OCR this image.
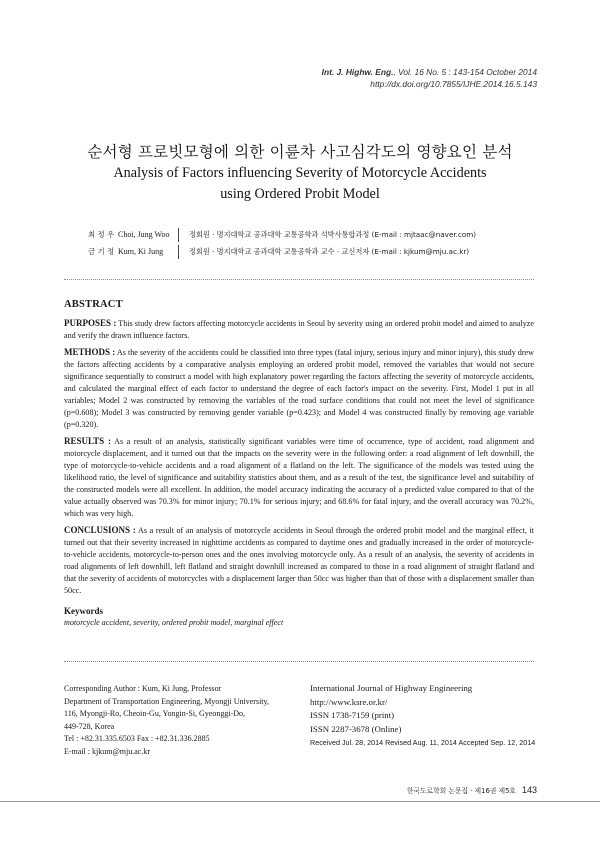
Int. J. Highw. Eng., Vol. 16 No. 5 : 143-154 October 2014
http://dx.doi.org/10.7855/IJHE.2014.16.5.143
순서형 프로빗모형에 의한 이륜차 사고심각도의 영향요인 분석
Analysis of Factors influencing Severity of Motorcycle Accidents
using Ordered Probit Model
최 정 우 Choi, Jung Woo	정회원 · 명지대학교 공과대학 교통공학과 석박사통합과정 (E-mail : mjtaac@naver.com)
금 기 정 Kum, Ki Jung	정회원 · 명지대학교 공과대학 교통공학과 교수 · 교신저자 (E-mail : kjkum@mju.ac.kr)
ABSTRACT

PURPOSES : This study drew factors affecting motorcycle accidents in Seoul by severity using an ordered probit model and aimed to analyze and verify the drawn influence factors.

METHODS : As the severity of the accidents could be classified into three types (fatal injury, serious injury and minor injury), this study drew the factors affecting accidents by a comparative analysis employing an ordered probit model, removed the variables that would not secure significance sequentially to construct a model with high explanatory power regarding the factors affecting the severity of motorcycle accidents, and calculated the marginal effect of each factor to understand the degree of each factor's impact on the severity. First, Model 1 put in all variables; Model 2 was constructed by removing the variables of the road surface conditions that could not meet the level of significance (p=0.608); Model 3 was constructed by removing gender variable (p=0.423); and Model 4 was constructed finally by removing age variable (p=0.320).

RESULTS : As a result of an analysis, statistically significant variables were time of occurrence, type of accident, road alignment and motorcycle displacement, and it turned out that the impacts on the severity were in the following order: a road alignment of left downhill, the type of motorcycle-to-vehicle accidents and a road alignment of a flatland on the left. The significance of the models was tested using the likelihood ratio, the level of significance and suitability statistics about them, and as a result of the test, the significance level and suitability of the constructed models were all excellent. In addition, the model accuracy indicating the accuracy of a predicted value compared to that of the value actually observed was 70.3% for minor injury; 70.1% for serious injury; and 68.6% for fatal injury, and the overall accuracy was 70.2%, which was very high.

CONCLUSIONS : As a result of an analysis of motorcycle accidents in Seoul through the ordered probit model and the marginal effect, it turned out that their severity increased in nighttime accidents as compared to daytime ones and gradually increased in the order of motorcycle-to-vehicle accidents, motorcycle-to-person ones and the ones involving motorcycle only. As a result of an analysis, the severity of accidents in road alignments of left downhill, left flatland and straight downhill increased as compared to those in a road alignment of straight flatland and that the severity of accidents of motorcycles with a displacement larger than 50cc was higher than that of those with a displacement smaller than 50cc.

Keywords
motorcycle accident, severity, ordered probit model, marginal effect
Corresponding Author : Kum, Ki Jung, Professor
Department of Transportation Engineering, Myongji University,
116, Myongji-Ro, Cheoin-Gu, Yongin-Si, Gyeonggi-Do,
449-728, Korea
Tel : +82.31.335.6503 Fax : +82.31.336.2885
E-mail : kjkum@mju.ac.kr
International Journal of Highway Engineering
http://www.ksre.or.kr/
ISSN 1738-7159 (print)
ISSN 2287-3678 (Online)
Received Jul. 28, 2014 Revised Aug. 11, 2014 Accepted Sep. 12, 2014
한국도로학회 논문집 · 제16권 제5호 143
